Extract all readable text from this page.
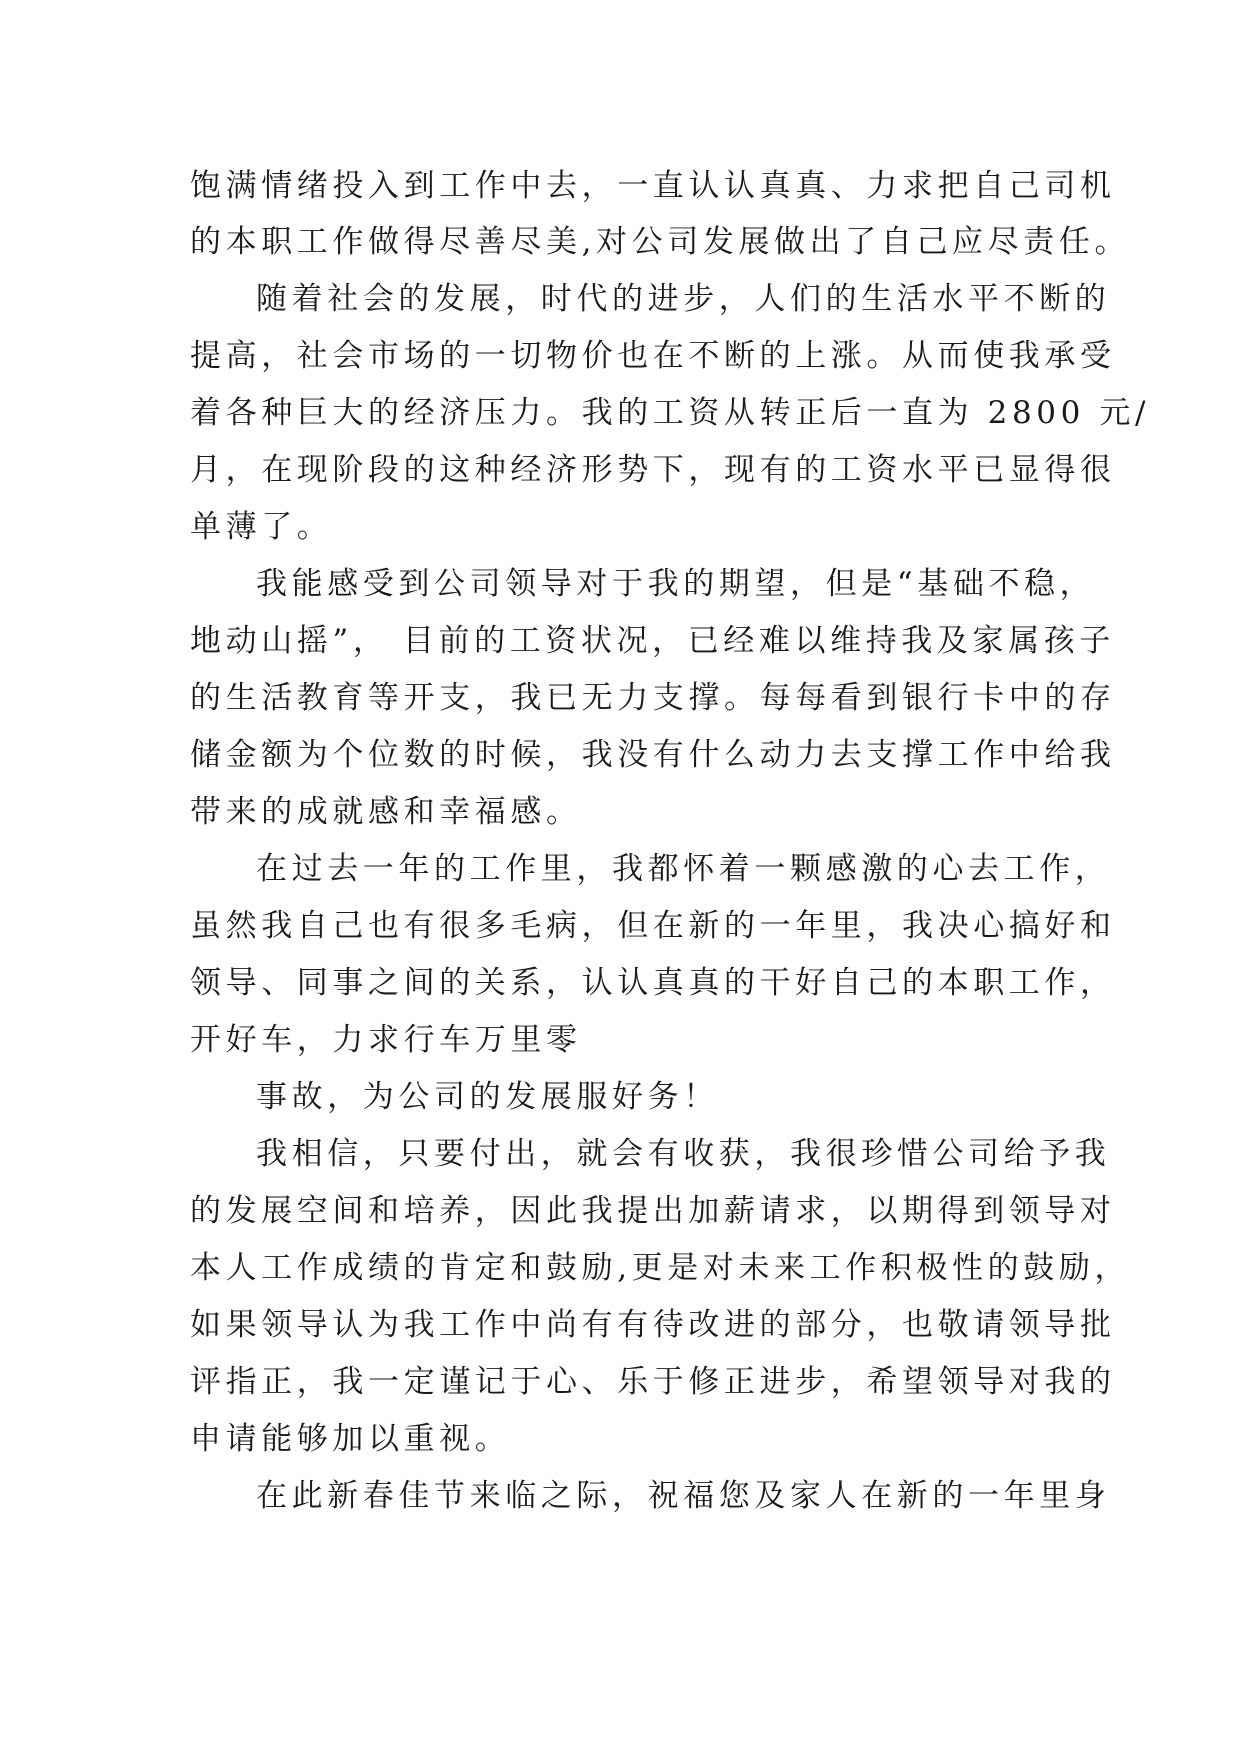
饱满情绪投入到工作中去，一直认认真真、力求把自己司机

的本职工作做得尽善尽美,对公司发展做出了自己应尽责任。

随着社会的发展，时代的进步，人们的生活水平不断的

提高，社会市场的一切物价也在不断的上涨。从而使我承受

着各种巨大的经济压力。我的工资从转正后一直为 2800 元/

月，在现阶段的这种经济形势下，现有的工资水平已显得很

单薄了。

我能感受到公司领导对于我的期望，但是“基础不稳，

地动山摇”， 目前的工资状况，已经难以维持我及家属孩子

的生活教育等开支，我已无力支撑。每每看到银行卡中的存

储金额为个位数的时候，我没有什么动力去支撑工作中给我

带来的成就感和幸福感。

在过去一年的工作里，我都怀着一颗感激的心去工作，

虽然我自己也有很多毛病，但在新的一年里，我决心搞好和

领导、同事之间的关系，认认真真的干好自己的本职工作，

开好车，力求行车万里零

事故，为公司的发展服好务！

我相信，只要付出，就会有收获，我很珍惜公司给予我

的发展空间和培养，因此我提出加薪请求，以期得到领导对

本人工作成绩的肯定和鼓励,更是对未来工作积极性的鼓励，

如果领导认为我工作中尚有有待改进的部分，也敬请领导批

评指正，我一定谨记于心、乐于修正进步，希望领导对我的

申请能够加以重视。

在此新春佳节来临之际，祝福您及家人在新的一年里身
